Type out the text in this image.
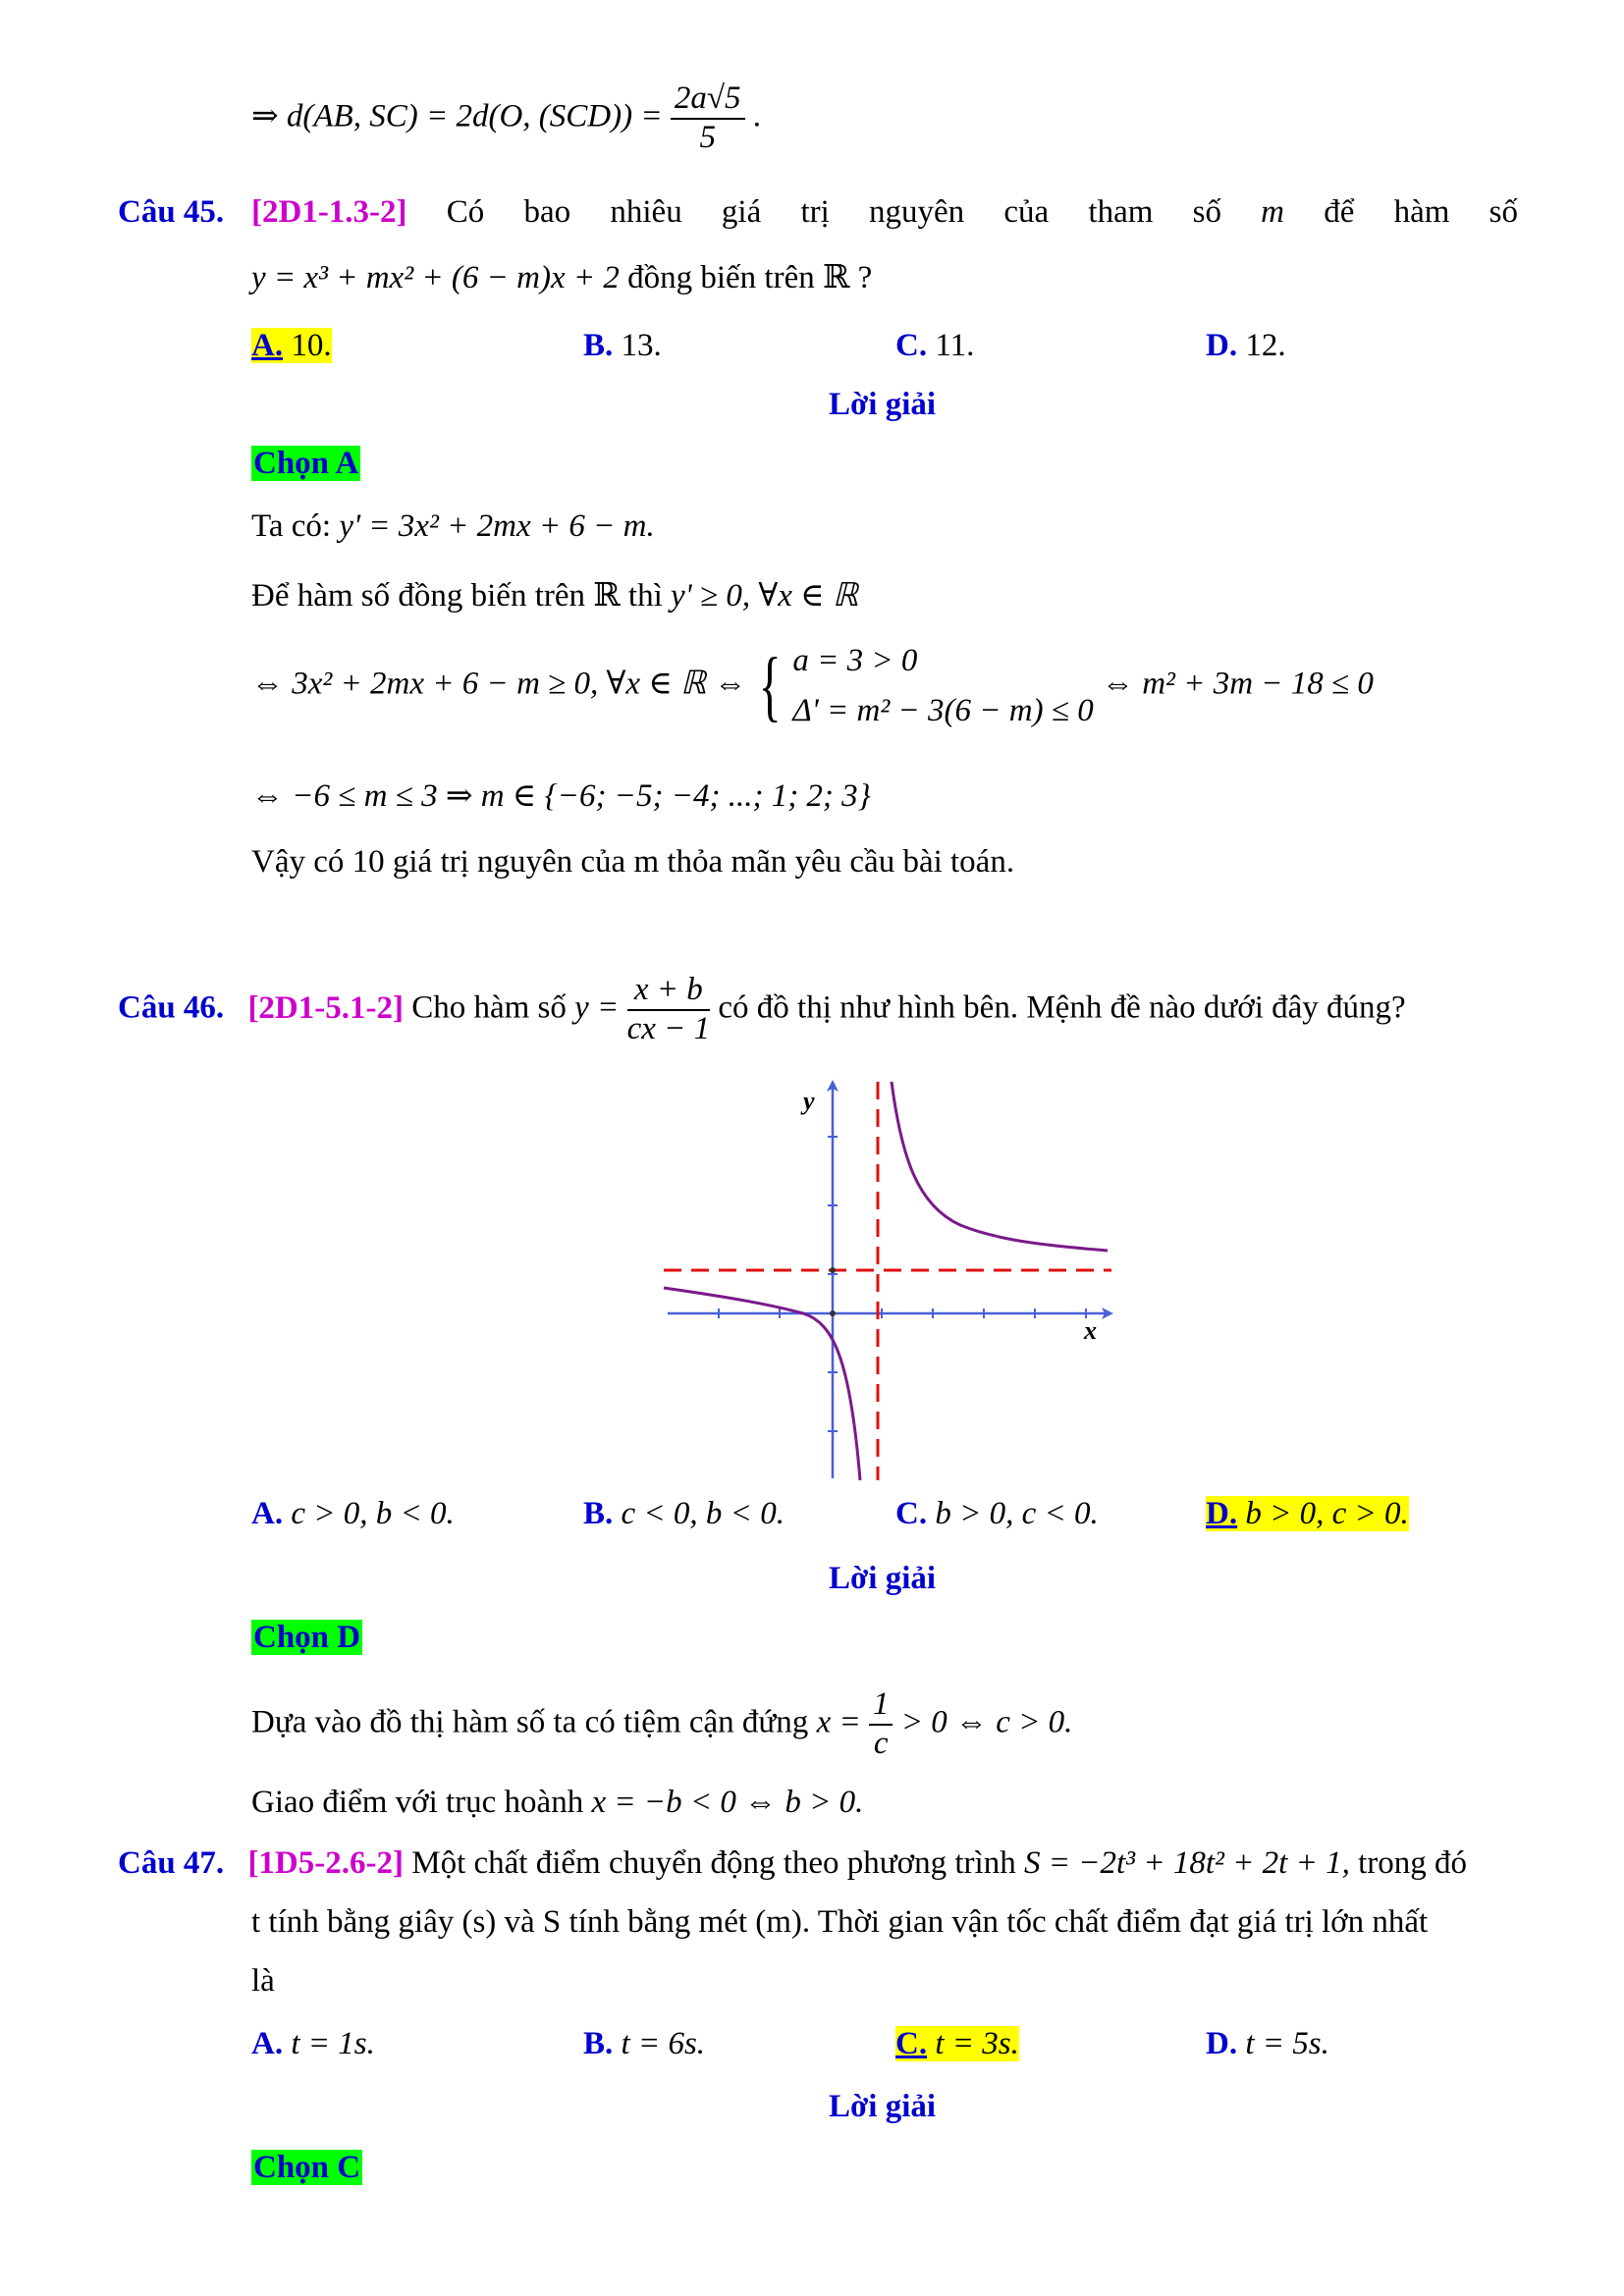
⇒ d(AB, SC) = 2d(O, $(SCD)) = \frac{2a√5}{5}$ .
Câu 45. [2D1-1.3-2] Có bao nhiêu giá trị nguyên của tham số m để hàm số
y = x³ + mx² + (6 − m)x + 2 đồng biến trên ℝ ?
A. 10.	B. 13.	C. 11.	D. 12.
Lời giải
Chọn A
Ta có: y' = 3x² + 2mx + 6 − m.
Để hàm số đồng biến trên ℝ thì y' ≥ 0, ∀x ∈ ℝ
⇔ 3x² + 2mx + 6 − m ≥ 0, ∀x ∈ ℝ ⇔ { a = 3 > 0
Δ' = m² − 3(6 − m) ≤ 0
⇔ m² + 3m − 18 ≤ 0
⇔ −6 ≤ m ≤ 3 ⇒ m ∈ {−6; −5; −4; ...; 1; 2; 3}
Vậy có 10 giá trị nguyên của m thỏa mãn yêu cầu bài toán.
Câu 46. [2D1-5.1-2] Cho hàm số $y = \frac{x + b}{cx - 1}$ có đồ thị như hình bên. Mệnh đề nào dưới đây đúng?
y
x
A. c > 0, b < 0.	B. c < 0, b < 0.	C. b > 0, c < 0.	D. b > 0, c > 0.
Lời giải
Chọn D
Dựa vào đồ thị hàm số ta có tiệm cận đứng $x = \frac{1}{c} > 0$ ⇔ c > 0.
Giao điểm với trục hoành x = −b < 0 ⇔ b > 0.
Câu 47. [1D5-2.6-2] Một chất điểm chuyển động theo phương trình S = −2t³ + 18t² + 2t + 1, trong đó
t tính bằng giây (s) và S tính bằng mét (m). Thời gian vận tốc chất điểm đạt giá trị lớn nhất
là
A. t = 1s.	B. t = 6s.	C. t = 3s.	D. t = 5s.
Lời giải
Chọn C
